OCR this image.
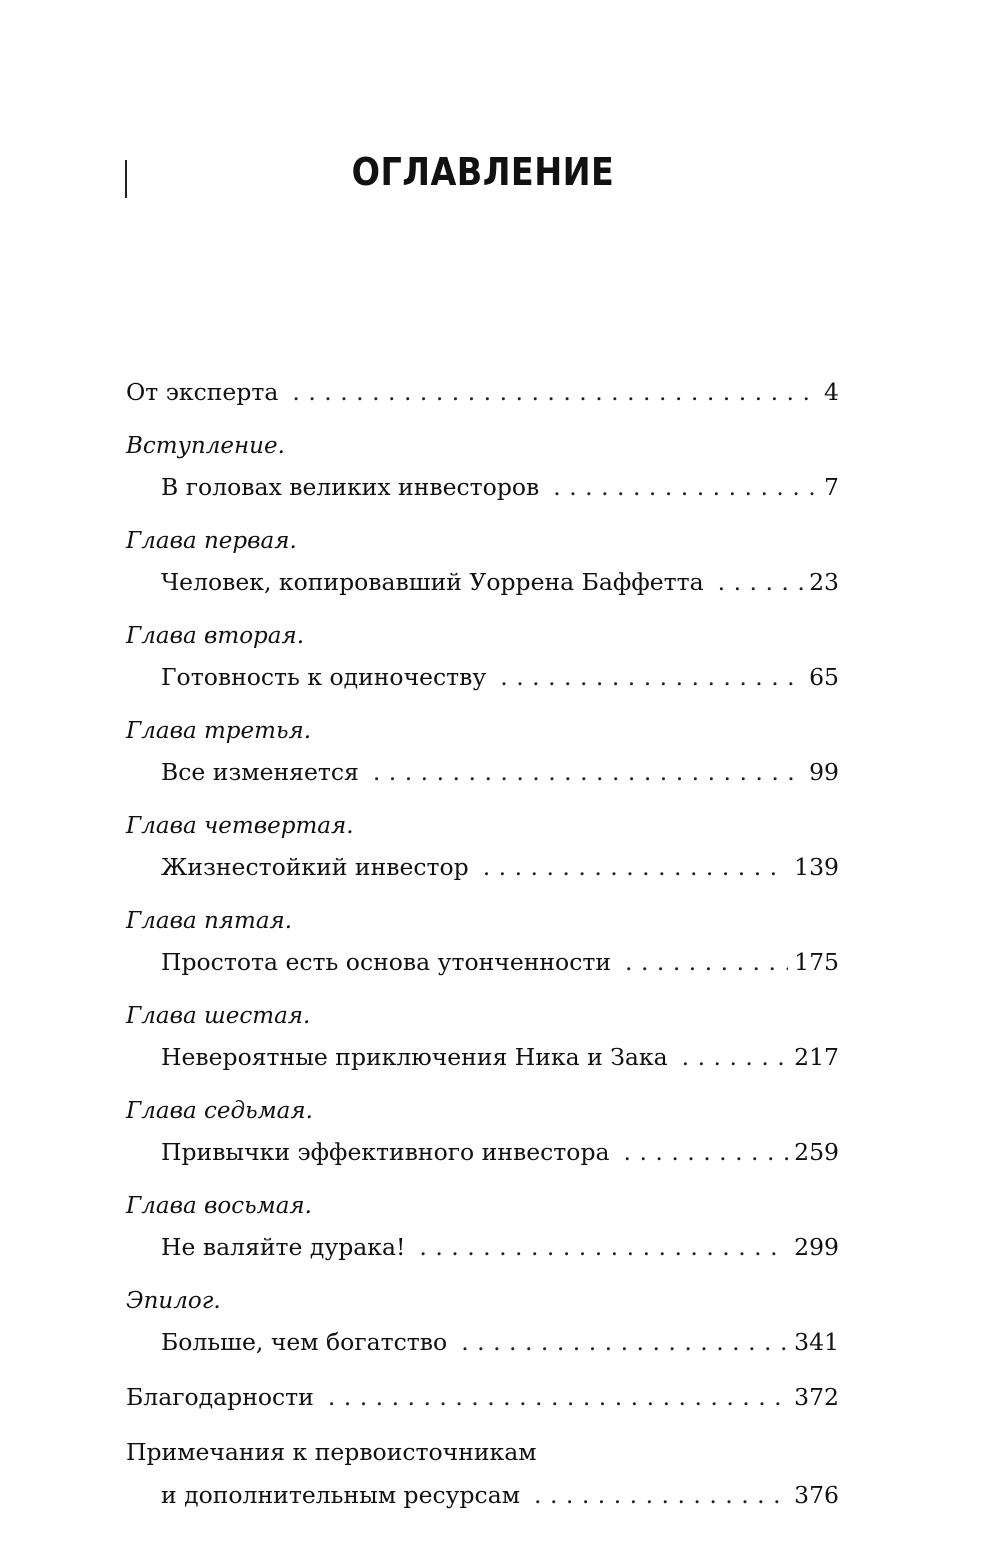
ОГЛАВЛЕНИЕ
От эксперта . . .	4
Вступление.
В головах великих инвесторов . . .	7
Глава первая.
Человек, копировавший Уоррена Баффетта . . .	23
Глава вторая.
Готовность к одиночеству . . .	65
Глава третья.
Все изменяется . . .	99
Глава четвертая.
Жизнестойкий инвестор . . .	139
Глава пятая.
Простота есть основа утонченности . . .	175
Глава шестая.
Невероятные приключения Ника и Зака . . .	217
Глава седьмая.
Привычки эффективного инвестора . . .	259
Глава восьмая.
Не валяйте дурака! . . .	299
Эпилог.
Больше, чем богатство . . .	341
Благодарности . . .	372
Примечания к первоисточникам
и дополнительным ресурсам . . .	376
